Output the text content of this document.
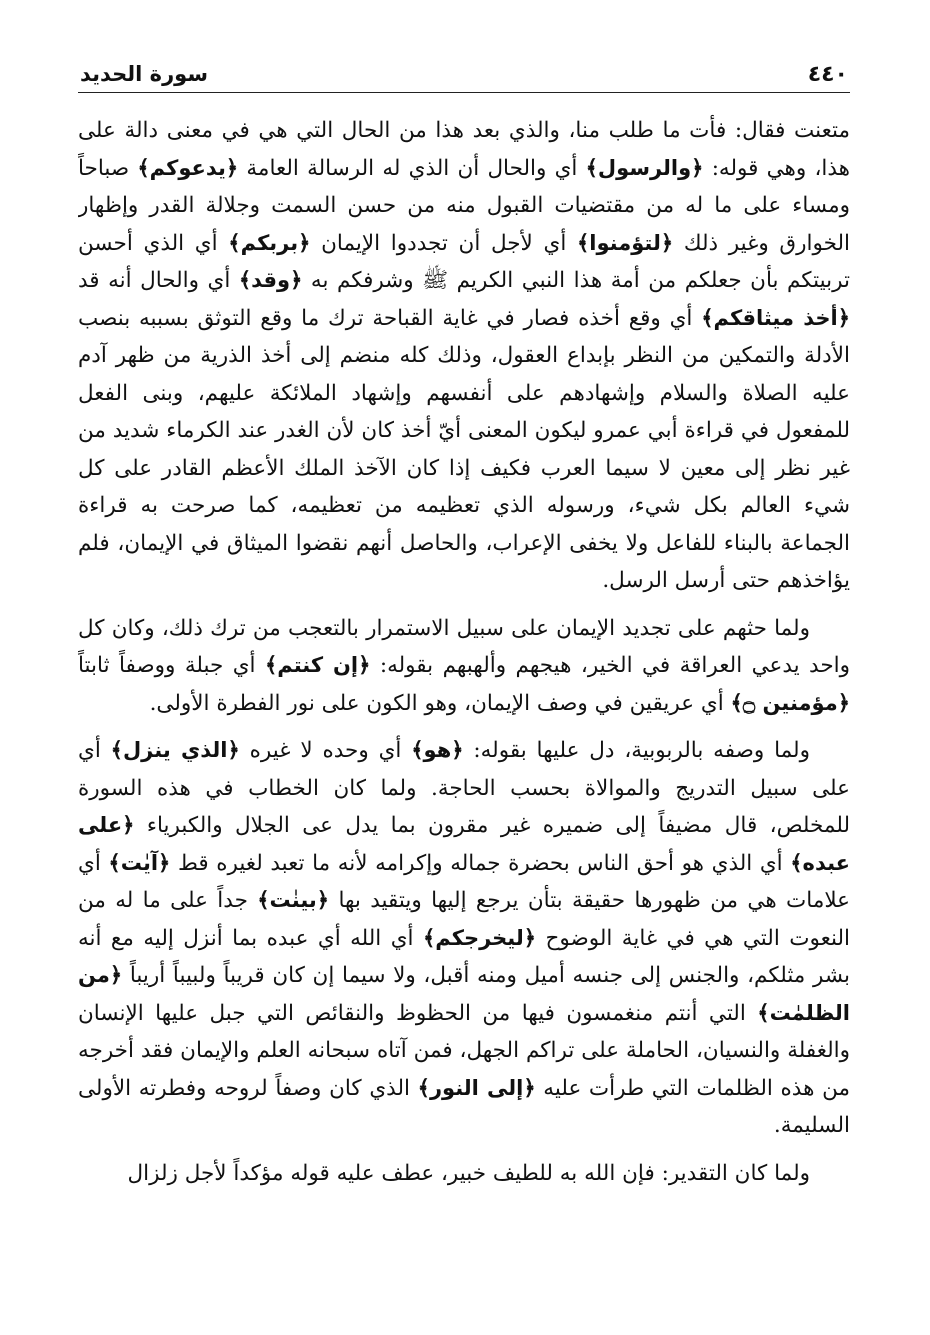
٤٤٠
سورة الحديد

متعنت فقال: فأت ما طلب منا، والذي بعد هذا من الحال التي هي في معنى دالة على هذا، وهي قوله: ﴿والرسول﴾ أي والحال أن الذي له الرسالة العامة ﴿يدعوكم﴾ صباحاً ومساء على ما له من مقتضيات القبول منه من حسن السمت وجلالة القدر وإظهار الخوارق وغير ذلك ﴿لتؤمنوا﴾ أي لأجل أن تجددوا الإيمان ﴿بربكم﴾ أي الذي أحسن تربيتكم بأن جعلكم من أمة هذا النبي الكريم ﷺ وشرفكم به ﴿وقد﴾ أي والحال أنه قد ﴿أخذ ميثاقكم﴾ أي وقع أخذه فصار في غاية القباحة ترك ما وقع التوثق بسببه بنصب الأدلة والتمكين من النظر بإبداع العقول، وذلك كله منضم إلى أخذ الذرية من ظهر آدم عليه الصلاة والسلام وإشهادهم على أنفسهم وإشهاد الملائكة عليهم، وبنى الفعل للمفعول في قراءة أبي عمرو ليكون المعنى أيّ أخذ كان لأن الغدر عند الكرماء شديد من غير نظر إلى معين لا سيما العرب فكيف إذا كان الآخذ الملك الأعظم القادر على كل شيء العالم بكل شيء، ورسوله الذي تعظيمه من تعظيمه، كما صرحت به قراءة الجماعة بالبناء للفاعل ولا يخفى الإعراب، والحاصل أنهم نقضوا الميثاق في الإيمان، فلم يؤاخذهم حتى أرسل الرسل.

ولما حثهم على تجديد الإيمان على سبيل الاستمرار بالتعجب من ترك ذلك، وكان كل واحد يدعي العراقة في الخير، هيجهم وألهبهم بقوله: ﴿إن كنتم﴾ أي جبلة ووصفاً ثابتاً ﴿مؤمنين ۝﴾ أي عريقين في وصف الإيمان، وهو الكون على نور الفطرة الأولى.

ولما وصفه بالربوبية، دل عليها بقوله: ﴿هو﴾ أي وحده لا غيره ﴿الذي ينزل﴾ أي على سبيل التدريج والموالاة بحسب الحاجة. ولما كان الخطاب في هذه السورة للمخلص، قال مضيفاً إلى ضميره غير مقرون بما يدل عى الجلال والكبرياء ﴿على عبده﴾ أي الذي هو أحق الناس بحضرة جماله وإكرامه لأنه ما تعبد لغيره قط ﴿آيٰت﴾ أي علامات هي من ظهورها حقيقة بتأن يرجع إليها ويتقيد بها ﴿بينٰت﴾ جداً على ما له من النعوت التي هي في غاية الوضوح ﴿ليخرجكم﴾ أي الله أي عبده بما أنزل إليه مع أنه بشر مثلكم، والجنس إلى جنسه أميل ومنه أقبل، ولا سيما إن كان قريباً ولبيباً أريباً ﴿من الظلمٰت﴾ التي أنتم منغمسون فيها من الحظوظ والنقائص التي جبل عليها الإنسان والغفلة والنسيان، الحاملة على تراكم الجهل، فمن آتاه سبحانه العلم والإيمان فقد أخرجه من هذه الظلمات التي طرأت عليه ﴿إلى النور﴾ الذي كان وصفاً لروحه وفطرته الأولى السليمة.

ولما كان التقدير: فإن الله به للطيف خبير، عطف عليه قوله مؤكداً لأجل زلزال
